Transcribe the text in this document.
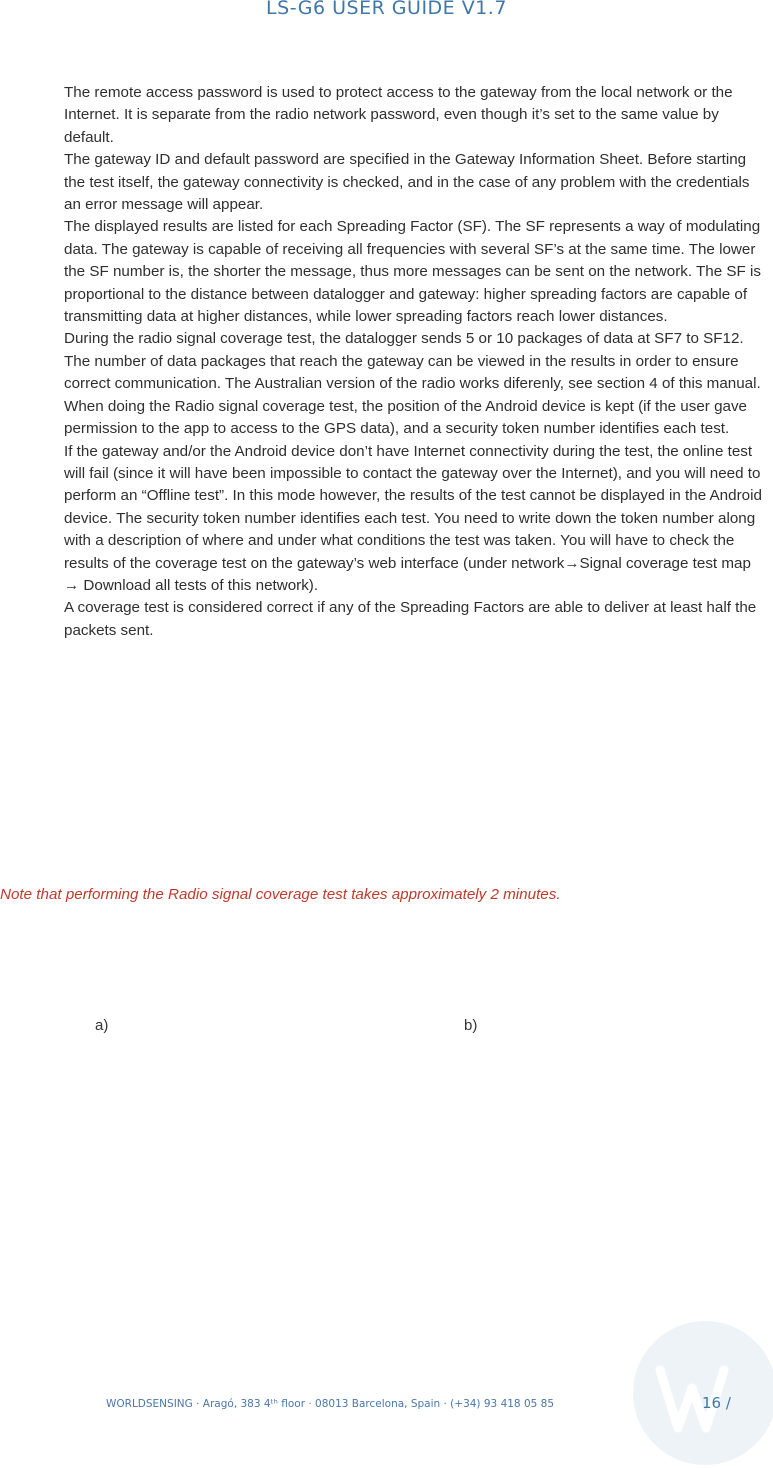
LS-G6 USER GUIDE V1.7

The remote access password is used to protect access to the gateway from the local network or the Internet. It is separate from the radio network password, even though it’s set to the same value by default.

The gateway ID and default password are specified in the Gateway Information Sheet. Before starting the test itself, the gateway connectivity is checked, and in the case of any problem with the credentials an error message will appear.

The displayed results are listed for each Spreading Factor (SF). The SF represents a way of modulating data. The gateway is capable of receiving all frequencies with several SF’s at the same time. The lower the SF number is, the shorter the message, thus more messages can be sent on the network. The SF is proportional to the distance between datalogger and gateway: higher spreading factors are capable of transmitting data at higher distances, while lower spreading factors reach lower distances.

During the radio signal coverage test, the datalogger sends 5 or 10 packages of data at SF7 to SF12. The number of data packages that reach the gateway can be viewed in the results in order to ensure correct communication. The Australian version of the radio works diferenly, see section 4 of this manual.

When doing the Radio signal coverage test, the position of the Android device is kept (if the user gave permission to the app to access to the GPS data), and a security token number identifies each test.

If the gateway and/or the Android device don’t have Internet connectivity during the test, the online test will fail (since it will have been impossible to contact the gateway over the Internet), and you will need to perform an “Offline test”. In this mode however, the results of the test cannot be displayed in the Android device. The security token number identifies each test. You need to write down the token number along with a description of where and under what conditions the test was taken. You will have to check the results of the coverage test on the gateway’s web interface (under network→Signal coverage test map → Download all tests of this network).

A coverage test is considered correct if any of the Spreading Factors are able to deliver at least half the packets sent.

Note that performing the Radio signal coverage test takes approximately 2 minutes.

a)	b)
WORLDSENSING · Aragó, 383 4ᵗʰ floor · 08013 Barcelona, Spain · (+34) 93 418 05 85	16 /
